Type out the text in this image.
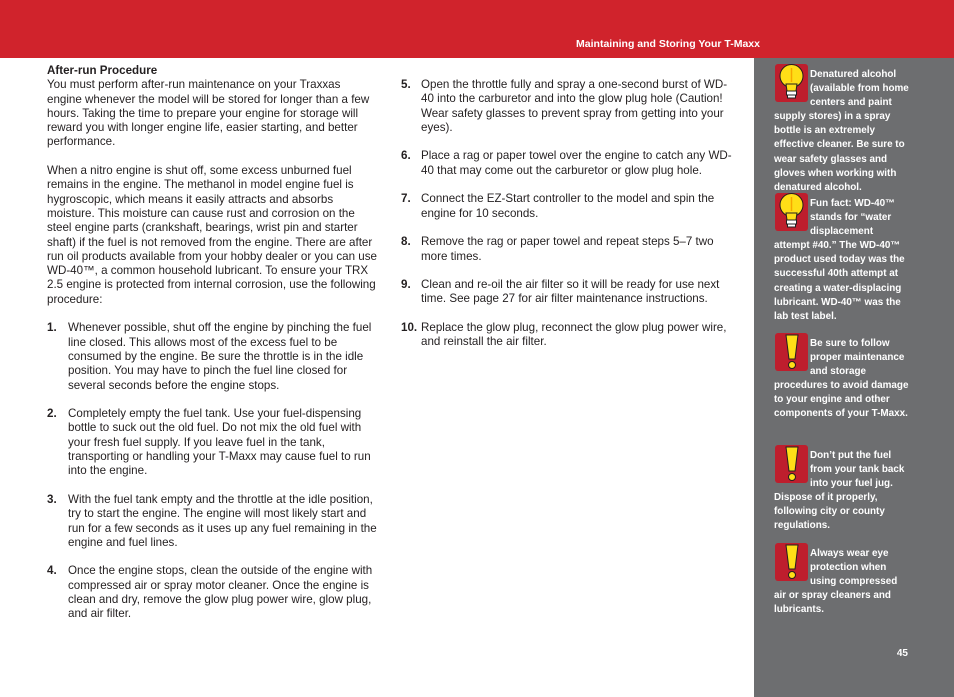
Maintaining and Storing Your T-Maxx
After-run Procedure
You must perform after-run maintenance on your Traxxas engine whenever the model will be stored for longer than a few hours. Taking the time to prepare your engine for storage will reward you with longer engine life, easier starting, and better performance.
When a nitro engine is shut off, some excess unburned fuel remains in the engine. The methanol in model engine fuel is hygroscopic, which means it easily attracts and absorbs moisture. This moisture can cause rust and corrosion on the steel engine parts (crankshaft, bearings, wrist pin and starter shaft) if the fuel is not removed from the engine. There are after run oil products available from your hobby dealer or you can use WD-40™, a common household lubricant. To ensure your TRX 2.5 engine is protected from internal corrosion, use the following procedure:
1. Whenever possible, shut off the engine by pinching the fuel line closed. This allows most of the excess fuel to be consumed by the engine. Be sure the throttle is in the idle position. You may have to pinch the fuel line closed for several seconds before the engine stops.
2. Completely empty the fuel tank. Use your fuel-dispensing bottle to suck out the old fuel. Do not mix the old fuel with your fresh fuel supply. If you leave fuel in the tank, transporting or handling your T-Maxx may cause fuel to run into the engine.
3. With the fuel tank empty and the throttle at the idle position, try to start the engine. The engine will most likely start and run for a few seconds as it uses up any fuel remaining in the engine and fuel lines.
4. Once the engine stops, clean the outside of the engine with compressed air or spray motor cleaner. Once the engine is clean and dry, remove the glow plug power wire, glow plug, and air filter.
5. Open the throttle fully and spray a one-second burst of WD-40 into the carburetor and into the glow plug hole (Caution! Wear safety glasses to prevent spray from getting into your eyes).
6. Place a rag or paper towel over the engine to catch any WD-40 that may come out the carburetor or glow plug hole.
7. Connect the EZ-Start controller to the model and spin the engine for 10 seconds.
8. Remove the rag or paper towel and repeat steps 5–7 two more times.
9. Clean and re-oil the air filter so it will be ready for use next time. See page 27 for air filter maintenance instructions.
10. Replace the glow plug, reconnect the glow plug power wire, and reinstall the air filter.
Denatured alcohol (available from home centers and paint supply stores) in a spray bottle is an extremely effective cleaner. Be sure to wear safety glasses and gloves when working with denatured alcohol.
Fun fact: WD-40™ stands for “water displacement attempt #40.” The WD-40™ product used today was the successful 40th attempt at creating a water-displacing lubricant. WD-40™ was the lab test label.
Be sure to follow proper maintenance and storage procedures to avoid damage to your engine and other components of your T-Maxx.
Don’t put the fuel from your tank back into your fuel jug. Dispose of it properly, following city or county regulations.
Always wear eye protection when using compressed air or spray cleaners and lubricants.
45
